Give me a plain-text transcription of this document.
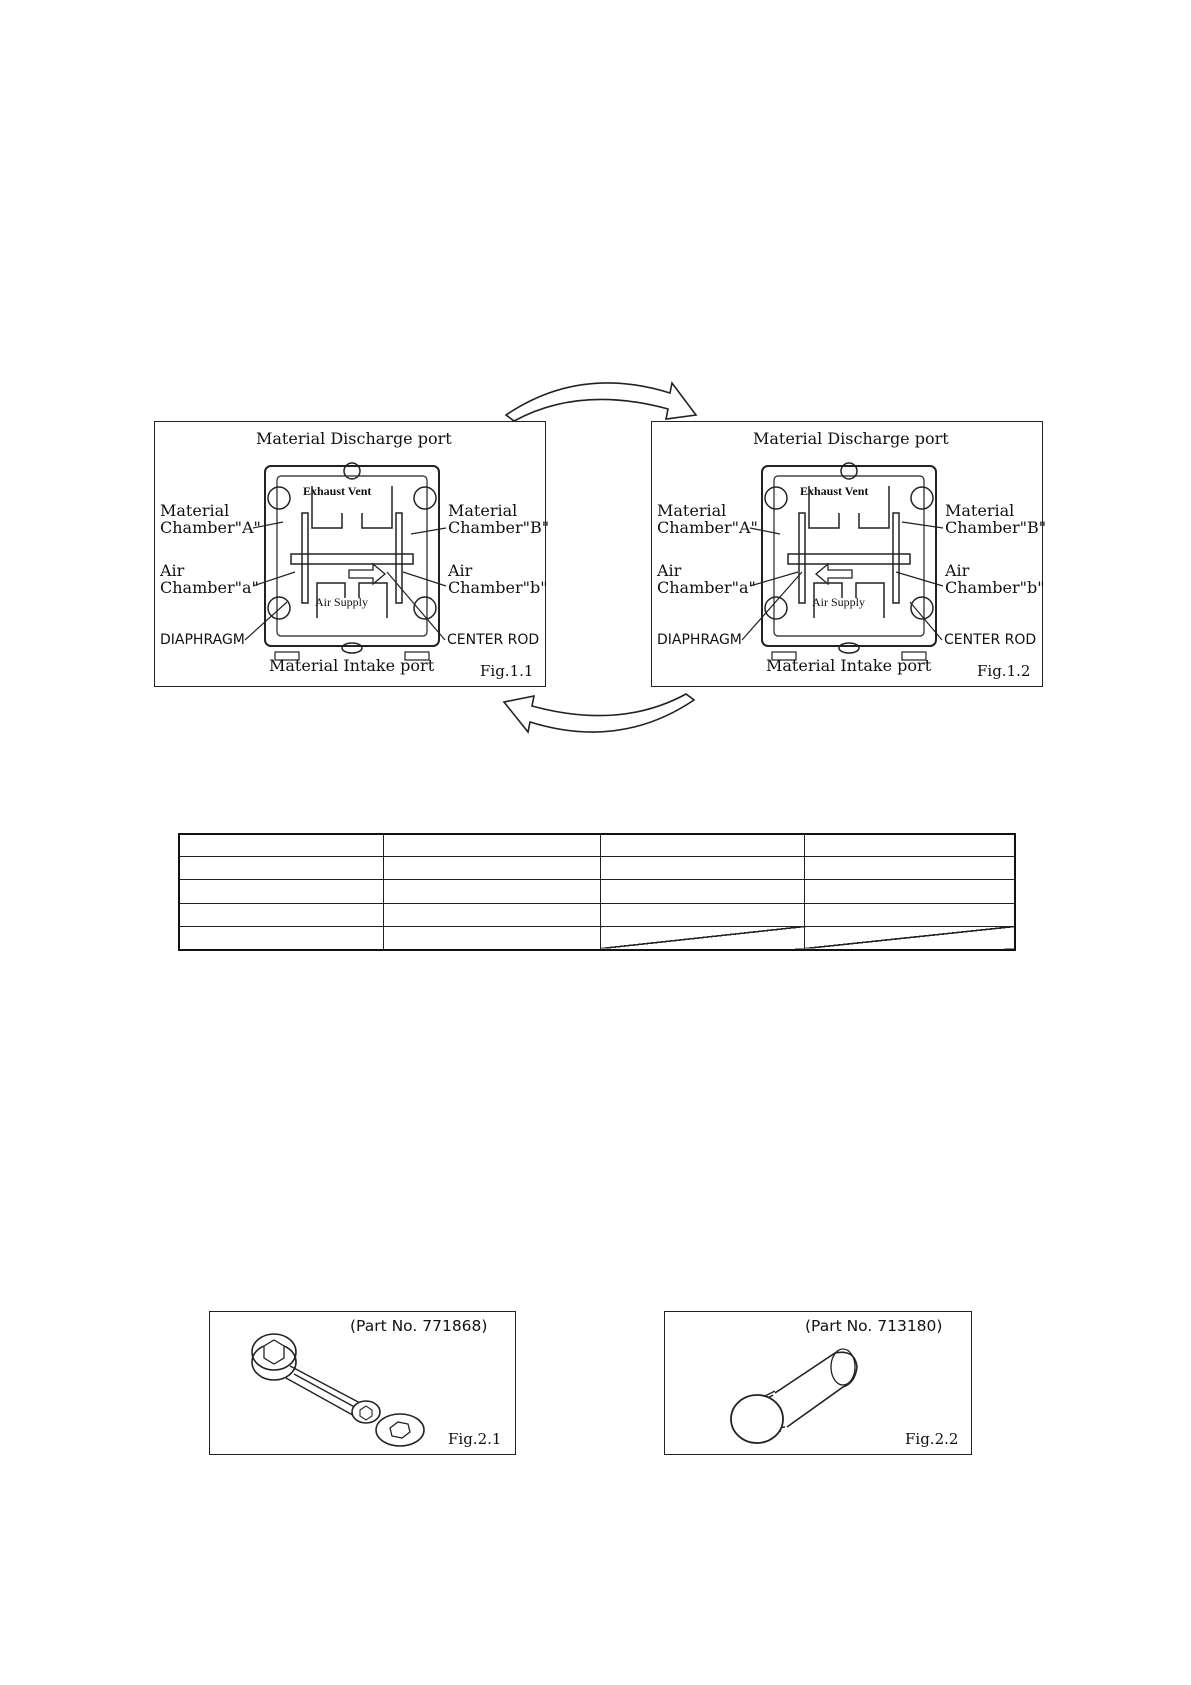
Material Discharge port
Exhaust Vent
Material
Chamber"A"
Material
Chamber"B"
Air
Chamber"a"
Air
Chamber"b"
Air Supply
DIAPHRAGM	CENTER ROD
Material Intake port	Fig.1.1
Material Discharge port
Exhaust Vent
Material
Chamber"A"
Material
Chamber"B"
Air
Chamber"a"
Air
Chamber"b"
Air Supply
DIAPHRAGM	CENTER ROD
Material Intake port	Fig.1.2

(Part No. 771868)
Fig.2.1
(Part No. 713180)
Fig.2.2
